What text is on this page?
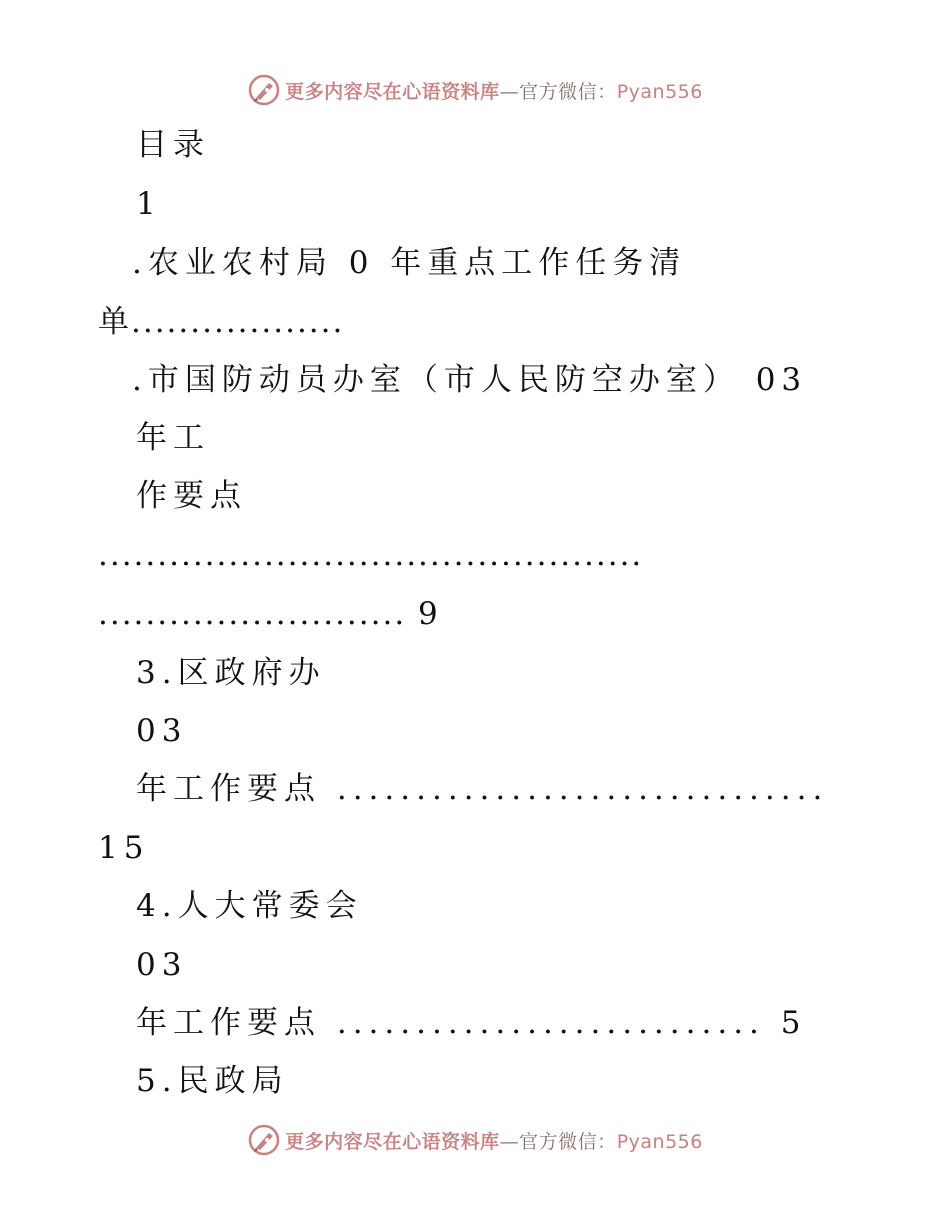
更多内容尽在心语资料库—官方微信：Pyan556
目录
1
.农业农村局 0 年重点工作任务清
单..................
.市国防动员办室（市人民防空办室） 03
年工
作要点
..............................................
.......................... 9
3.区政府办
03
年工作要点 ...............................
15
4.人大常委会
03
年工作要点 ........................... 5
5.民政局
更多内容尽在心语资料库—官方微信：Pyan556
